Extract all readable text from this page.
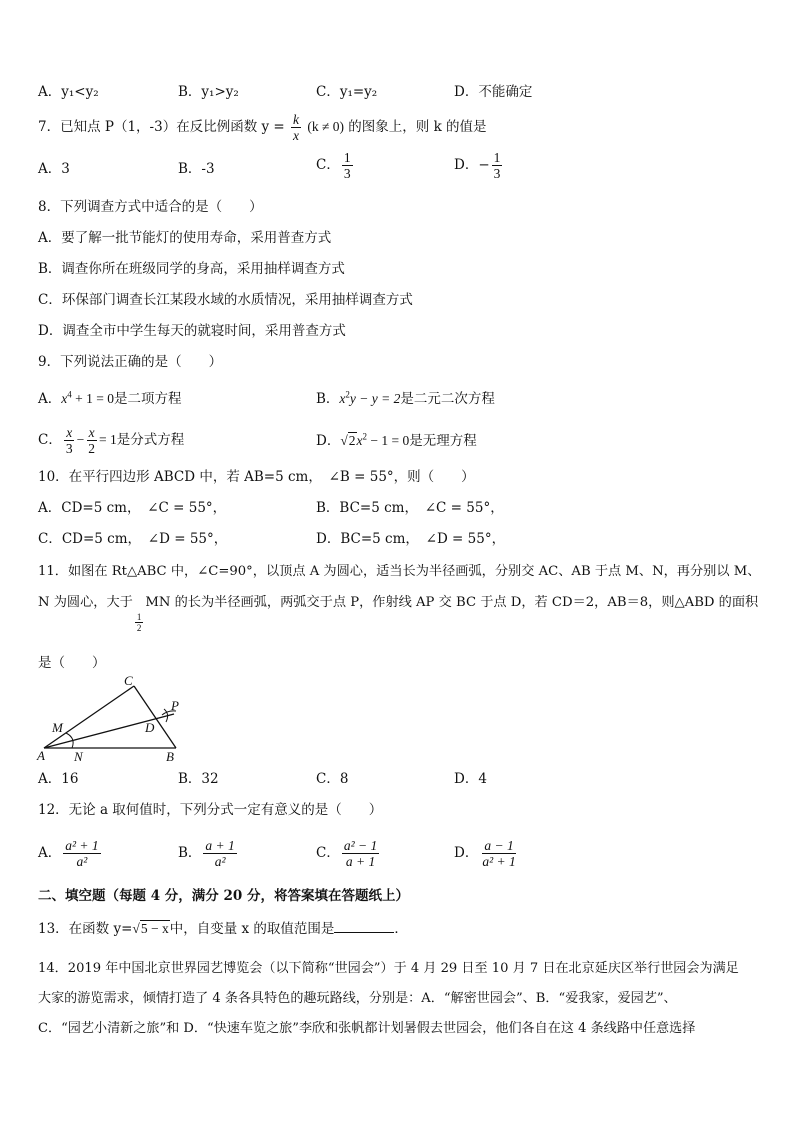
A．y₁<y₂	B．y₁>y₂	C．y₁=y₂	D．不能确定
7．已知点 P（1，-3）在反比例函数 $y = \frac{k}{x} (k \ne 0)$ 的图象上，则 k 的值是
A．3	B．-3	C． $\frac{1}{3}$	D．− $\frac{1}{3}$
8．下列调查方式中适合的是（　　）
A．要了解一批节能灯的使用寿命，采用普查方式
B．调查你所在班级同学的身高，采用抽样调查方式
C．环保部门调查长江某段水域的水质情况，采用抽样调查方式
D．调查全市中学生每天的就寝时间，采用普查方式
9．下列说法正确的是（　　）
A．$x^4 + 1 = 0$是二项方程	B．$x^2y - y = 2$是二元二次方程
C． $\frac{x}{3} - \frac{x}{2} = 1$是分式方程	D．$√2x^2 - 1 = 0$是无理方程
10．在平行四边形 ABCD 中，若 AB=5 cm，　∠B = 55°，则（　　）
A．CD=5 cm，　∠C = 55°，	B．BC=5 cm，　∠C = 55°，
C．CD=5 cm，　∠D = 55°，	D．BC=5 cm，　∠D = 55°，
11．如图在 Rt△ABC 中，∠C=90°，以顶点 A 为圆心，适当长为半径画弧，分别交 AC、AB 于点 M、N，再分别以 M、
N 为圆心，大于
$\frac{1}{2}$
MN 的长为半径画弧，两弧交于点 P，作射线 AP 交 BC 于点 D，若 CD＝2，AB＝8，则△ABD 的面积
是（　　）
C
M
P
D
A N	B
A．16	B．32	C．8	D．4
12．无论 a 取何值时，下列分式一定有意义的是（　　）
A． $\frac{\text{a² + 1}}{\text{a²}}$	B． $\frac{a + 1}{\text{a²}}$	C． $\frac{\text{a² − 1}}{a + 1}$	D． $\frac{a - 1}{\text{a² + 1}}$
二、填空题（每题 4 分，满分 20 分，将答案填在答题纸上）
13．在函数 y=√5 − x中，自变量 x 的取值范围是	．
14．2019 年中国北京世界园艺博览会（以下简称“世园会”）于 4 月 29 日至 10 月 7 日在北京延庆区举行世园会为满足
大家的游览需求，倾情打造了 4 条各具特色的趣玩路线，分别是：A．“解密世园会”、B．“爱我家，爱园艺”、
C．“园艺小清新之旅”和 D．“快速车览之旅”李欣和张帆都计划暑假去世园会，他们各自在这 4 条线路中任意选择
